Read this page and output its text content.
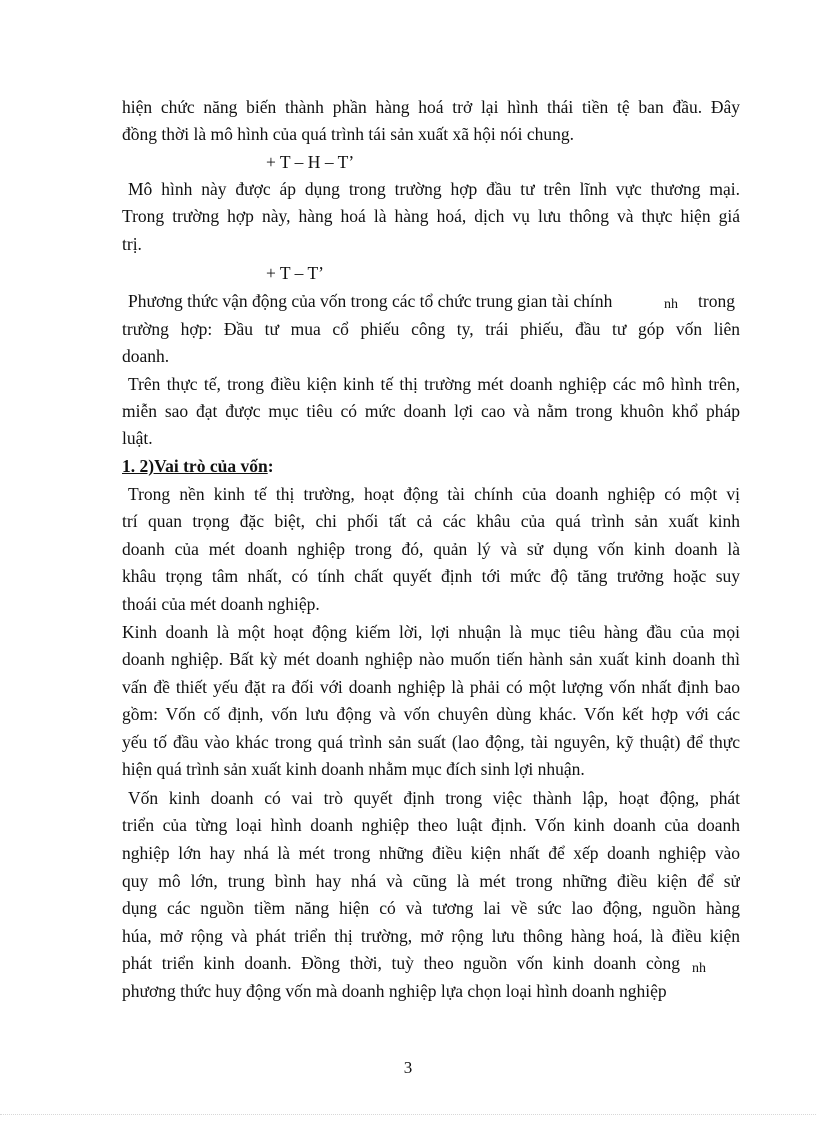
hiện chức năng biến thành phần hàng hoá trở lại hình thái tiền tệ ban đầu. Đây
đồng thời là mô hình của quá trình tái sản xuất xã hội nói chung.
+ T – H – T’
Mô hình này được áp dụng trong trường hợp đầu tư trên lĩnh vực thương mại.
Trong trường hợp này, hàng hoá là hàng hoá, dịch vụ lưu thông và thực hiện giá
trị.
+ T – T’
Phương thức vận động của vốn trong các tổ chức trung gian tài chính	nh trong
trường hợp: Đầu tư mua cổ phiếu công ty, trái phiếu, đầu tư góp vốn liên
doanh.
Trên thực tế, trong điều kiện kinh tế thị trường mét doanh nghiệp các mô hình trên,
miễn sao đạt được mục tiêu có mức doanh lợi cao và nằm trong khuôn khổ pháp
luật.
1. 2)Vai trò của vốn:
Trong nền kinh tế thị trường, hoạt động tài chính của doanh nghiệp có một vị
trí quan trọng đặc biệt, chi phối tất cả các khâu của quá trình sản xuất kinh
doanh của mét doanh nghiệp trong đó, quản lý và sử dụng vốn kinh doanh là
khâu trọng tâm nhất, có tính chất quyết định tới mức độ tăng trưởng hoặc suy
thoái của mét doanh nghiệp.
Kinh doanh là một hoạt động kiếm lời, lợi nhuận là mục tiêu hàng đầu của mọi
doanh nghiệp. Bất kỳ mét doanh nghiệp nào muốn tiến hành sản xuất kinh doanh thì
vấn đề thiết yếu đặt ra đối với doanh nghiệp là phải có một lượng vốn nhất định bao
gồm: Vốn cố định, vốn lưu động và vốn chuyên dùng khác. Vốn kết hợp với các
yếu tố đầu vào khác trong quá trình sản suất (lao động, tài nguyên, kỹ thuật) để thực
hiện quá trình sản xuất kinh doanh nhằm mục đích sinh lợi nhuận.
Vốn kinh doanh có vai trò quyết định trong việc thành lập, hoạt động, phát
triển của từng loại hình doanh nghiệp theo luật định. Vốn kinh doanh của doanh
nghiệp lớn hay nhá là mét trong những điều kiện nhất để xếp doanh nghiệp vào
quy mô lớn, trung bình hay nhá và cũng là mét trong những điều kiện để sử
dụng các nguồn tiềm năng hiện có và tương lai về sức lao động, nguồn hàng
húa, mở rộng và phát triển thị trường, mở rộng lưu thông hàng hoá, là điều kiện
phát triển kinh doanh. Đồng thời, tuỳ theo nguồn vốn kinh doanh còng nh
phương thức huy động vốn mà doanh nghiệp lựa chọn loại hình doanh nghiệp
3
